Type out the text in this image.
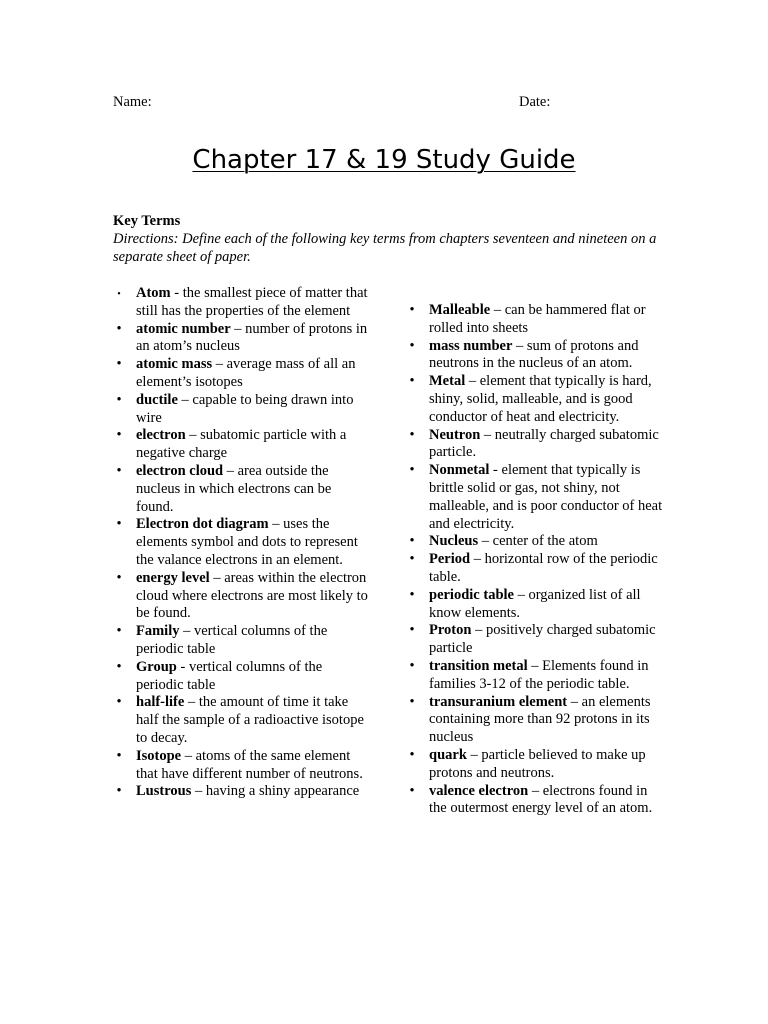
Name:	Date:
Chapter 17 & 19 Study Guide
Key Terms
Directions: Define each of the following key terms from chapters seventeen and nineteen on a separate sheet of paper.
• Atom - the smallest piece of matter that still has the properties of the element
• atomic number – number of protons in an atom’s nucleus
• atomic mass – average mass of all an element’s isotopes
• ductile – capable to being drawn into wire
• electron – subatomic particle with a negative charge
• electron cloud – area outside the nucleus in which electrons can be found.
• Electron dot diagram – uses the elements symbol and dots to represent the valance electrons in an element.
• energy level – areas within the electron cloud where electrons are most likely to be found.
• Family – vertical columns of the periodic table
• Group - vertical columns of the periodic table
• half-life – the amount of time it take half the sample of a radioactive isotope to decay.
• Isotope – atoms of the same element that have different number of neutrons.
• Lustrous – having a shiny appearance
• Malleable – can be hammered flat or rolled into sheets
• mass number – sum of protons and neutrons in the nucleus of an atom.
• Metal – element that typically is hard, shiny, solid, malleable, and is good conductor of heat and electricity.
• Neutron – neutrally charged subatomic particle.
• Nonmetal - element that typically is brittle solid or gas, not shiny, not malleable, and is poor conductor of heat and electricity.
• Nucleus – center of the atom
• Period – horizontal row of the periodic table.
• periodic table – organized list of all know elements.
• Proton – positively charged subatomic particle
• transition metal – Elements found in families 3-12 of the periodic table.
• transuranium element – an elements containing more than 92 protons in its nucleus
• quark – particle believed to make up protons and neutrons.
• valence electron – electrons found in the outermost energy level of an atom.
